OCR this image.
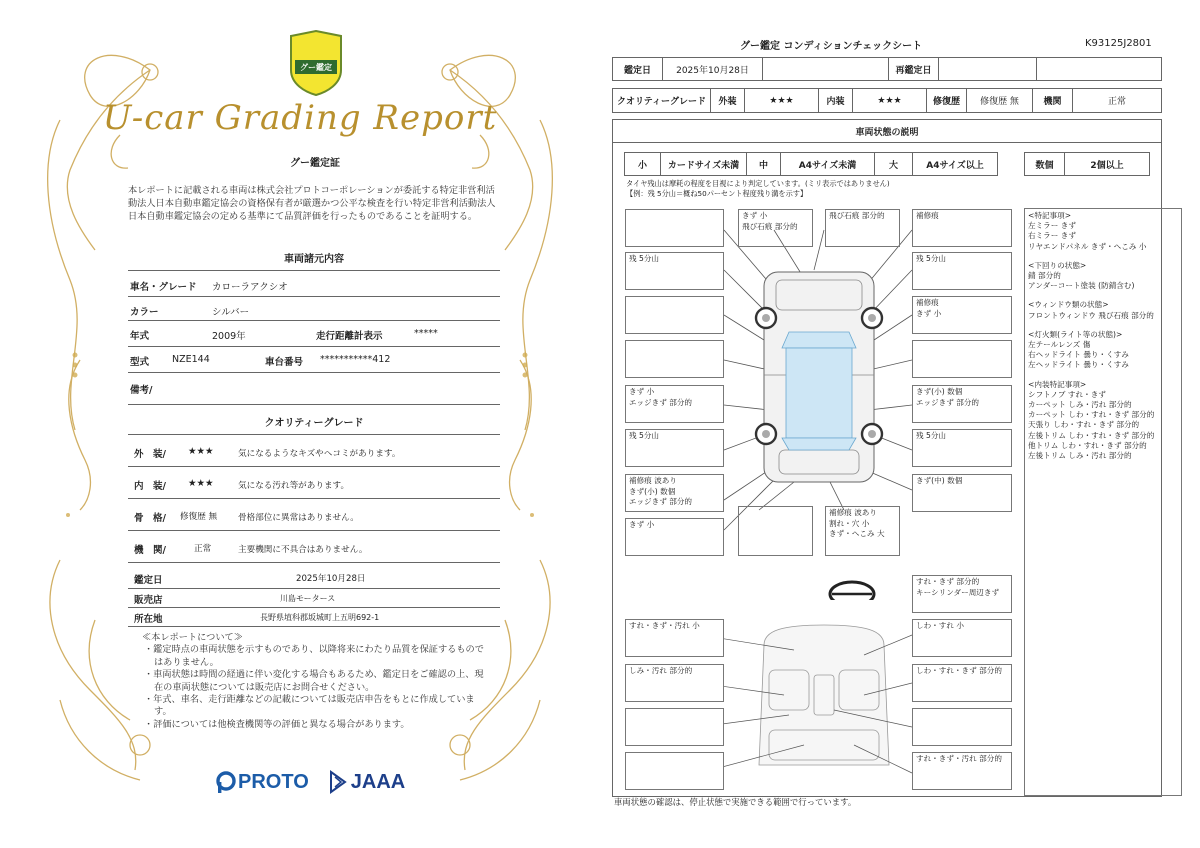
グー鑑定
U-car Grading Report
グー鑑定証
本レポートに記載される車両は株式会社プロトコーポレーションが委託する特定非営利活動法人日本自動車鑑定協会の資格保有者が厳選かつ公平な検査を行い特定非営利活動法人日本自動車鑑定協会の定める基準にて品質評価を行ったものであることを証明する。
車両諸元内容
車名・グレード カローラアクシオ
カラー	シルバー
年式	2009年	走行距離計表示	*****
型式 NZE144	車台番号 ***********412
備考/
クオリティーグレード
外　装/ ★★★	気になるようなキズやヘコミがあります。
内　装/ ★★★	気になる汚れ等があります。
骨　格/ 修復歴 無 骨格部位に異常はありません。
機　関/	正常	主要機関に不具合はありません。
鑑定日	2025年10月28日
販売店	川島モータース
所在地	長野県埴科郡坂城町上五明692-1
≪本レポートについて≫
・鑑定時点の車両状態を示すものであり、以降将来にわたり品質を保証するものではありません。
・車両状態は時間の経過に伴い変化する場合もあるため、鑑定日をご確認の上、現在の車両状態については販売店にお問合せください。
・年式、車名、走行距離などの記載については販売店申告をもとに作成しています。
・評価については他検査機関等の評価と異なる場合があります。
PROTO JAAA
グー鑑定 コンディションチェックシート	K93125J2801
鑑定日	2025年10月28日	再鑑定日
クオリティーグレード	外装	★★★	内装	★★★	修復歴	修復歴 無	機関	正常
車両状態の説明
小	カードサイズ未満	中	A4サイズ未満	大	A4サイズ以上	数個	2個以上
タイヤ残山は摩耗の程度を目視により判定しています。(ミリ表示ではありません)
【例：残 5分山＝概ね50パーセント程度残り溝を示す】
残 5分山
きず 小
エッジきず 部分的
残 5分山
補修痕 波あり
きず(小) 数個
エッジきず 部分的
きず 小
きず 小
飛び石痕 部分的
飛び石痕 部分的	補修痕
残 5分山
補修痕
きず 小
きず(小) 数個
エッジきず 部分的
残 5分山
きず(中) 数個
補修痕 波あり
割れ・穴 小
きず・へこみ 大
すれ・きず・汚れ 小
しみ・汚れ 部分的
すれ・きず 部分的
キーシリンダー周辺きず
しわ・すれ 小
しわ・すれ・きず 部分的
すれ・きず・汚れ 部分的
<特記事項>
左ミラー きず
右ミラー きず
リヤエンドパネル きず・へこみ 小
<下回りの状態>
錆 部分的
アンダーコート塗装 (防錆含む)
<ウィンドウ類の状態>
フロントウィンドウ 飛び石痕 部分的
<灯火類(ライト等の状態)>
左テールレンズ 傷
右ヘッドライト 曇り・くすみ
左ヘッドライト 曇り・くすみ
<内装特記事項>
シフトノブ すれ・きず
カーペット しみ・汚れ 部分的
カーペット しわ・すれ・きず 部分的
天張り しわ・すれ・きず 部分的
左後トリム しわ・すれ・きず 部分的
他トリム しわ・すれ・きず 部分的
左後トリム しみ・汚れ 部分的
車両状態の確認は、停止状態で実施できる範囲で行っています。
